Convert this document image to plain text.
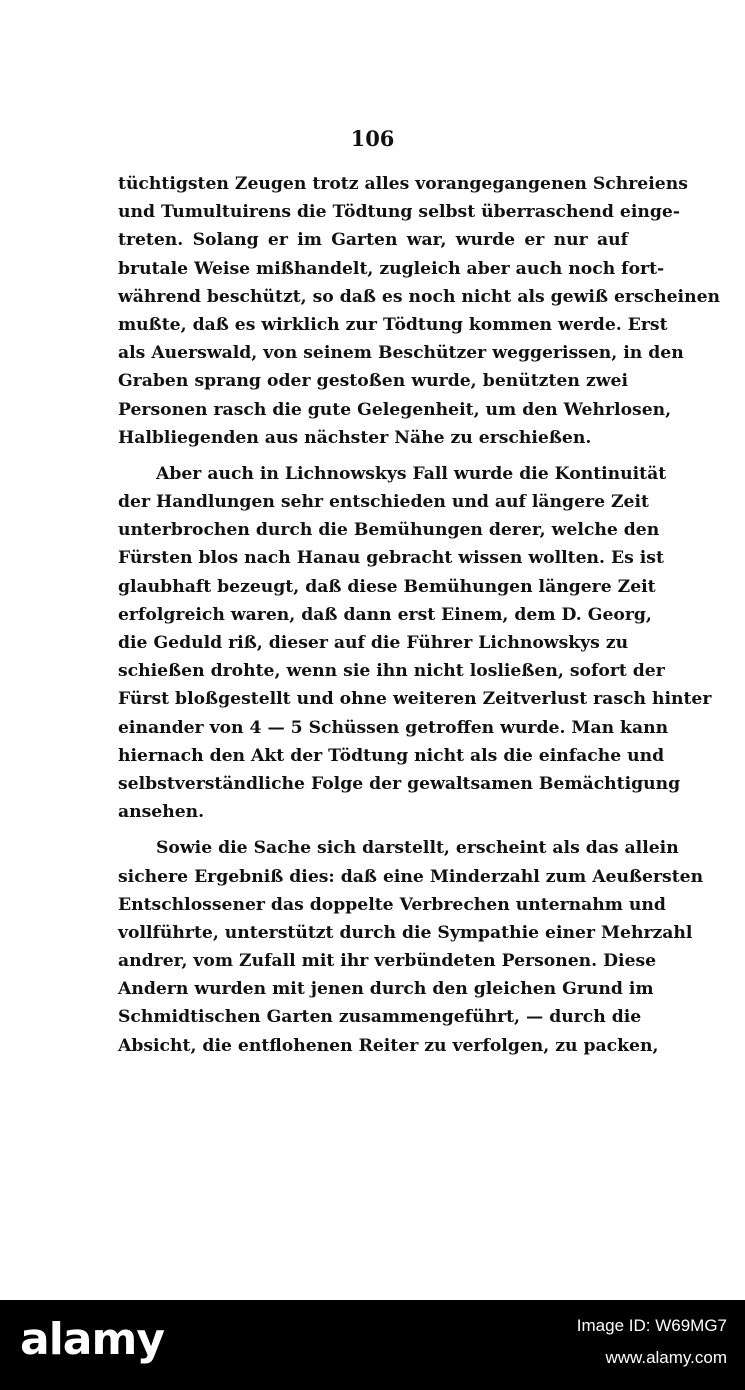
106
tüchtigsten Zeugen trotz alles vorangegangenen Schreiens
und Tumultuirens die Tödtung selbst überraschend einge-
treten. Solang er im Garten war, wurde er nur auf
brutale Weise mißhandelt, zugleich aber auch noch fort-
während beschützt, so daß es noch nicht als gewiß erscheinen
mußte, daß es wirklich zur Tödtung kommen werde. Erst
als Auerswald, von seinem Beschützer weggerissen, in den
Graben sprang oder gestoßen wurde, benützten zwei
Personen rasch die gute Gelegenheit, um den Wehrlosen,
Halbliegenden aus nächster Nähe zu erschießen.
Aber auch in Lichnowskys Fall wurde die Kontinuität
der Handlungen sehr entschieden und auf längere Zeit
unterbrochen durch die Bemühungen derer, welche den
Fürsten blos nach Hanau gebracht wissen wollten. Es ist
glaubhaft bezeugt, daß diese Bemühungen längere Zeit
erfolgreich waren, daß dann erst Einem, dem D. Georg,
die Geduld riß, dieser auf die Führer Lichnowskys zu
schießen drohte, wenn sie ihn nicht losließen, sofort der
Fürst bloßgestellt und ohne weiteren Zeitverlust rasch hinter
einander von 4 — 5 Schüssen getroffen wurde. Man kann
hiernach den Akt der Tödtung nicht als die einfache und
selbstverständliche Folge der gewaltsamen Bemächtigung
ansehen.
Sowie die Sache sich darstellt, erscheint als das allein
sichere Ergebniß dies: daß eine Minderzahl zum Aeußersten
Entschlossener das doppelte Verbrechen unternahm und
vollführte, unterstützt durch die Sympathie einer Mehrzahl
andrer, vom Zufall mit ihr verbündeten Personen. Diese
Andern wurden mit jenen durch den gleichen Grund im
Schmidtischen Garten zusammengeführt, — durch die
Absicht, die entflohenen Reiter zu verfolgen, zu packen,
alamy	Image ID: W69MG7
www.alamy.com
